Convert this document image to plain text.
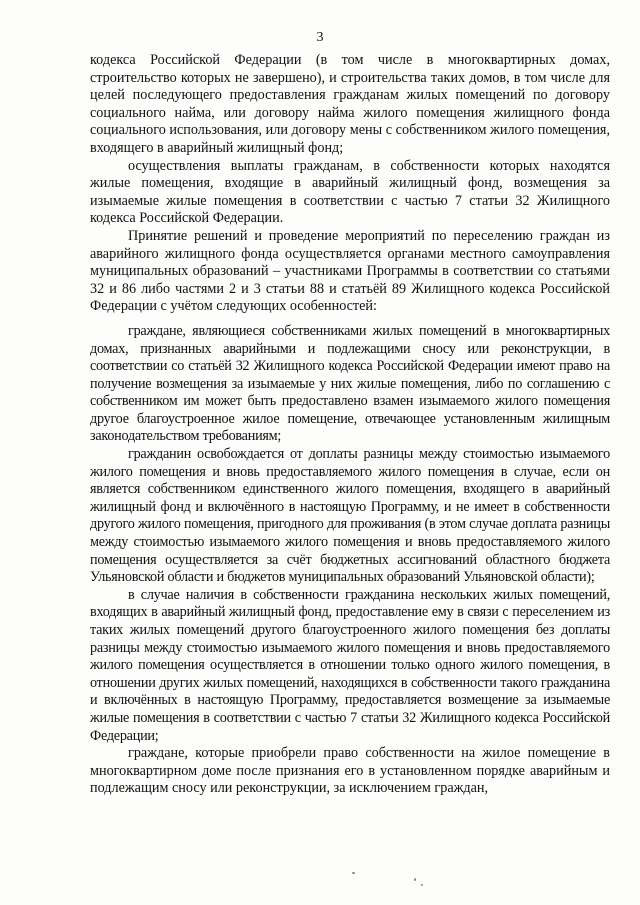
3

кодекса Российской Федерации (в том числе в многоквартирных домах, строительство которых не завершено), и строительства таких домов, в том числе для целей последующего предоставления гражданам жилых помещений по договору социального найма, или договору найма жилого помещения жилищного фонда социального использования, или договору мены с собственником жилого помещения, входящего в аварийный жилищный фонд;

осуществления выплаты гражданам, в собственности которых находятся жилые помещения, входящие в аварийный жилищный фонд, возмещения за изымаемые жилые помещения в соответствии с частью 7 статьи 32 Жилищного кодекса Российской Федерации.

Принятие решений и проведение мероприятий по переселению граждан из аварийного жилищного фонда осуществляется органами местного самоуправления муниципальных образований – участниками Программы в соответствии со статьями 32 и 86 либо частями 2 и 3 статьи 88 и статьёй 89 Жилищного кодекса Российской Федерации с учётом следующих особенностей:

граждане, являющиеся собственниками жилых помещений в многоквартирных домах, признанных аварийными и подлежащими сносу или реконструкции, в соответствии со статьёй 32 Жилищного кодекса Российской Федерации имеют право на получение возмещения за изымаемые у них жилые помещения, либо по соглашению с собственником им может быть предоставлено взамен изымаемого жилого помещения другое благоустроенное жилое помещение, отвечающее установленным жилищным законодательством требованиям;

гражданин освобождается от доплаты разницы между стоимостью изымаемого жилого помещения и вновь предоставляемого жилого помещения в случае, если он является собственником единственного жилого помещения, входящего в аварийный жилищный фонд и включённого в настоящую Программу, и не имеет в собственности другого жилого помещения, пригодного для проживания (в этом случае доплата разницы между стоимостью изымаемого жилого помещения и вновь предоставляемого жилого помещения осуществляется за счёт бюджетных ассигнований областного бюджета Ульяновской области и бюджетов муниципальных образований Ульяновской области);

в случае наличия в собственности гражданина нескольких жилых помещений, входящих в аварийный жилищный фонд, предоставление ему в связи с переселением из таких жилых помещений другого благоустроенного жилого помещения без доплаты разницы между стоимостью изымаемого жилого помещения и вновь предоставляемого жилого помещения осуществляется в отношении только одного жилого помещения, в отношении других жилых помещений, находящихся в собственности такого гражданина и включённых в настоящую Программу, предоставляется возмещение за изымаемые жилые помещения в соответствии с частью 7 статьи 32 Жилищного кодекса Российской Федерации;

граждане, которые приобрели право собственности на жилое помещение в многоквартирном доме после признания его в установленном порядке аварийным и подлежащим сносу или реконструкции, за исключением граждан,
